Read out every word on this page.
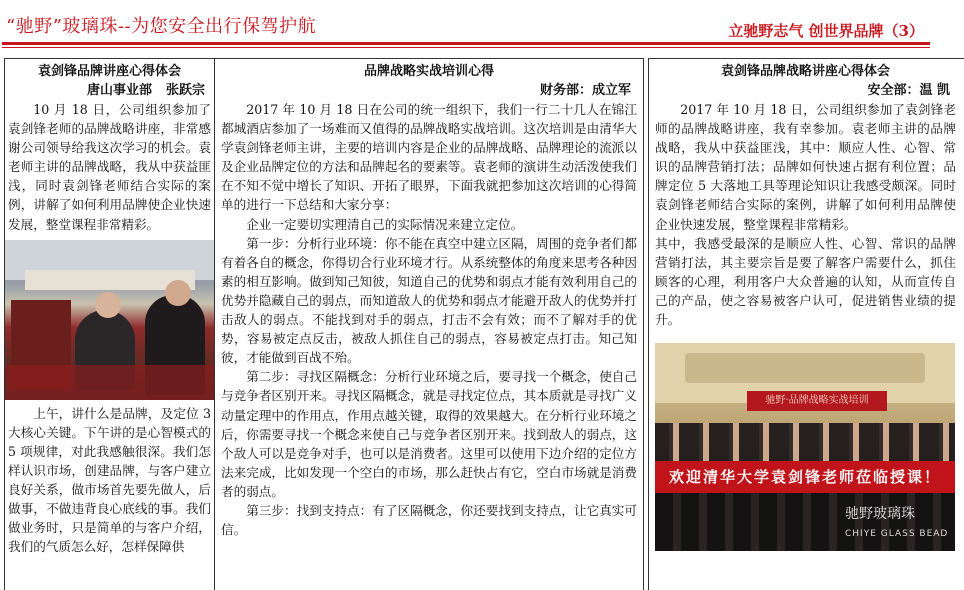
“驰野”玻璃珠--为您安全出行保驾护航	立驰野志气 创世界品牌（3）
袁剑锋品牌讲座心得体会
唐山事业部 张跃宗

10 月 18 日，公司组织参加了袁剑锋老师的品牌战略讲座，非常感谢公司领导给我这次学习的机会。袁老师主讲的品牌战略，我从中获益匪浅，同时袁剑锋老师结合实际的案例，讲解了如何利用品牌使企业快速发展，整堂课程非常精彩。

上午，讲什么是品牌，及定位 3 大核心关键。下午讲的是心智模式的 5 项规律，对此我感触很深。我们怎样认识市场，创建品牌，与客户建立良好关系，做市场首先要先做人，后做事，不做违背良心底线的事。我们做业务时，只是简单的与客户介绍，我们的气质怎么好，怎样保障供

品牌战略实战培训心得
财务部：成立军

2017 年 10 月 18 日在公司的统一组织下，我们一行二十几人在锦江都城酒店参加了一场难而又值得的品牌战略实战培训。这次培训是由清华大学袁剑锋老师主讲，主要的培训内容是企业的品牌战略、品牌理论的流派以及企业品牌定位的方法和品牌起名的要素等。袁老师的演讲生动活泼使我们在不知不觉中增长了知识、开拓了眼界，下面我就把参加这次培训的心得简单的进行一下总结和大家分享：

企业一定要切实理清自己的实际情况来建立定位。

第一步：分析行业环境：你不能在真空中建立区隔，周围的竞争者们都有着各自的概念，你得切合行业环境才行。从系统整体的角度来思考各种因素的相互影响。做到知己知彼，知道自己的优势和弱点才能有效利用自己的优势并隐藏自己的弱点，而知道敌人的优势和弱点才能避开敌人的优势并打击敌人的弱点。不能找到对手的弱点，打击不会有效；而不了解对手的优势，容易被定点反击，被敌人抓住自己的弱点，容易被定点打击。知己知彼，才能做到百战不殆。

第二步：寻找区隔概念：分析行业环境之后，要寻找一个概念，使自己与竞争者区别开来。寻找区隔概念，就是寻找定位点，其本质就是寻找广义动量定理中的作用点，作用点越关键，取得的效果越大。在分析行业环境之后，你需要寻找一个概念来使自己与竞争者区别开来。找到敌人的弱点，这个敌人可以是竞争对手，也可以是消费者。这里可以使用下边介绍的定位方法来完成，比如发现一个空白的市场，那么赶快占有它，空白市场就是消费者的弱点。

第三步：找到支持点：有了区隔概念，你还要找到支持点，让它真实可信。

袁剑锋品牌战略讲座心得体会
安全部：温 凯

2017 年 10 月 18 日，公司组织参加了袁剑锋老师的品牌战略讲座，我有幸参加。袁老师主讲的品牌战略，我从中获益匪浅，其中：顺应人性、心智、常识的品牌营销打法；品牌如何快速占据有利位置；品牌定位 5 大落地工具等理论知识让我感受颇深。同时袁剑锋老师结合实际的案例，讲解了如何利用品牌使企业快速发展，整堂课程非常精彩。

其中，我感受最深的是顺应人性、心智、常识的品牌营销打法，其主要宗旨是要了解客户需要什么，抓住顾客的心理，利用客户大众普遍的认知，从而宣传自己的产品，使之容易被客户认可，促进销售业绩的提升。

驰野·品牌战略实战培训
欢迎清华大学袁剑锋老师莅临授课！
驰野玻璃珠
CHIYE GLASS BEAD
